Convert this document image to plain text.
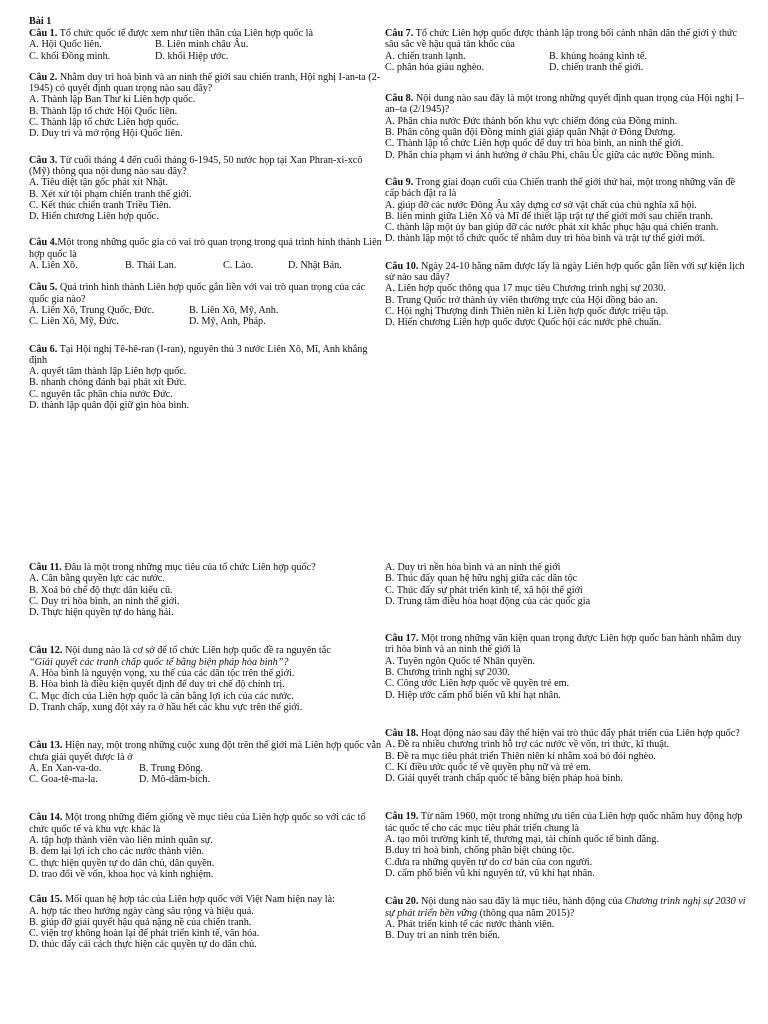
Bài 1
Câu 1. Tổ chức quốc tế được xem như tiền thân của Liên hợp quốc là
A. Hội Quốc liên.	B. Liên minh châu Âu.
C. khối Đồng minh.	D. khối Hiệp ước.
Câu 2. Nhằm duy trì hoà bình và an ninh thế giới sau chiến tranh, Hội nghị I-an-ta (2-1945) có quyết định quan trọng nào sau đây?
A. Thành lập Ban Thư kí Liên hợp quốc.
B. Thành lập tổ chức Hội Quốc liên.
C. Thành lập tổ chức Liên hợp quốc.
D. Duy trì và mở rộng Hội Quốc liên.
Câu 3. Từ cuối tháng 4 đến cuối tháng 6-1945, 50 nước họp tại Xan Phran-xi-xcô (Mỹ) thông qua nội dung nào sau đây?
A. Tiêu diệt tận gốc phát xít Nhật.
B. Xét xử tội phạm chiến tranh thế giới.
C. Kết thúc chiến tranh Triều Tiên.
D. Hiến chương Liên hợp quốc.
Câu 4.Một trong những quốc gia có vai trò quan trọng trong quá trình hình thành Liên hợp quốc là
A. Liên Xô.	B. Thái Lan.	C. Lào.	D. Nhật Bản.
Câu 5. Quá trình hình thành Liên hợp quốc gắn liền với vai trò quan trọng của các quốc gia nào?
A. Liên Xô, Trung Quốc, Đức.	B. Liên Xô, Mỹ, Anh.
C. Liên Xô, Mỹ, Đức.	D. Mỹ, Anh, Pháp.
Câu 6. Tại Hội nghị Tê-hê-ran (I-ran), nguyên thủ 3 nước Liên Xô, Mĩ, Anh khẳng định
A. quyết tâm thành lập Liên hợp quốc.
B. nhanh chóng đánh bại phát xít Đức.
C. nguyên tắc phân chia nước Đức.
D. thành lập quân đội giữ gìn hòa bình.
Câu 7. Tổ chức Liên hợp quốc được thành lập trong bối cảnh nhân dân thế giới ý thức sâu sắc về hậu quả tàn khốc của
A. chiến tranh lạnh.	B. khủng hoảng kinh tế.
C. phân hóa giàu nghèo.	D. chiến tranh thế giới.
Câu 8. Nội dung nào sau đây là một trong những quyết định quan trọng của Hội nghị I–an–ta (2/1945)?
A. Phân chia nước Đức thành bốn khu vực chiếm đóng của Đồng minh.
B. Phân công quân đội Đồng minh giải giáp quân Nhật ở Đông Dương.
C. Thành lập tổ chức Liên hợp quốc để duy trì hòa bình, an ninh thế giới.
D. Phân chia phạm vi ảnh hưởng ở châu Phi, châu Úc giữa các nước Đồng minh.
Câu 9. Trong giai đoạn cuối của Chiến tranh thế giới thứ hai, một trong những vấn đề cấp bách đặt ra là
A. giúp đỡ các nước Đông Âu xây dựng cơ sở vật chất của chủ nghĩa xã hội.
B. liên minh giữa Liên Xô và Mĩ để thiết lập trật tự thế giới mới sau chiến tranh.
C. thành lập một ủy ban giúp đỡ các nước phát xít khắc phục hậu quả chiến tranh.
D. thành lập một tổ chức quốc tế nhằm duy trì hòa bình và trật tự thế giới mới.
Câu 10. Ngày 24-10 hằng năm được lấy là ngày Liên hợp quốc gắn liền với sự kiện lịch sử nào sau đây?
A. Liên hợp quốc thông qua 17 mục tiêu Chương trình nghị sự 2030.
B. Trung Quốc trở thành ủy viên thường trực của Hội đồng bảo an.
C. Hội nghị Thượng đỉnh Thiên niên kỉ Liên hợp quốc được triệu tập.
D. Hiến chương Liên hợp quốc được Quốc hội các nước phê chuẩn.
Câu 11. Đâu là một trong những mục tiêu của tổ chức Liên hợp quốc?
A. Cân bằng quyền lực các nước.
B. Xoá bỏ chế độ thực dân kiểu cũ.
C. Duy trì hòa bình, an ninh thế giới.
D. Thực hiện quyền tự do hàng hải.
Câu 12. Nội dung nào là cơ sở để tổ chức Liên hợp quốc đề ra nguyên tắc
“Giải quyết các tranh chấp quốc tế bằng biện pháp hòa bình”?
A. Hòa bình là nguyện vọng, xu thế của các dân tộc trên thế giới.
B. Hòa bình là điều kiện quyết định để duy trì chế độ chính trị.
C. Mục đích của Liên hợp quốc là cân bằng lợi ích của các nước.
D. Tranh chấp, xung đột xảy ra ở hầu hết các khu vực trên thế giới.
Câu 13. Hiện nay, một trong những cuộc xung đột trên thế giới mà Liên hợp quốc vẫn chưa giải quyết được là ở
A. En Xan-va-do.	B. Trung Đông.
C. Goa-tê-ma-la.	D. Mô-dăm-bích.
Câu 14. Một trong những điểm giống về mục tiêu của Liên hợp quốc so với các tổ chức quốc tế và khu vực khác là
A. tập hợp thành viên vào liên minh quân sự.
B. đem lại lợi ích cho các nước thành viên.
C. thực hiện quyền tự do dân chủ, dân quyền.
D. trao đổi về vốn, khoa học và kinh nghiệm.
Câu 15. Mối quan hệ hợp tác của Liên hợp quốc với Việt Nam hiện nay là:
A. hợp tác theo hướng ngày càng sâu rộng và hiệu quả.
B. giúp đỡ giải quyết hậu quả nặng nề của chiến tranh.
C. viện trợ không hoàn lại để phát triển kinh tế, văn hóa.
D. thúc đẩy cải cách thực hiện các quyền tự do dân chủ.
A. Duy trì nền hòa bình và an ninh thế giới
B. Thúc đẩy quan hệ hữu nghị giữa các dân tộc
C. Thúc đẩy sự phát triển kinh tế, xã hội thế giới
D. Trung tâm điều hòa hoạt động của các quốc gia
Câu 17. Một trong những văn kiện quan trọng được Liên hợp quốc ban hành nhằm duy trì hòa bình và an ninh thế giới là
A. Tuyên ngôn Quốc tế Nhân quyền.
B. Chương trình nghị sự 2030.
C. Công ước Liên hợp quốc về quyền trẻ em.
D. Hiệp ước cấm phổ biến vũ khí hạt nhân.
Câu 18. Hoạt động nào sau đây thể hiện vai trò thúc đẩy phát triển của Liên hợp quốc?
A. Đề ra nhiều chương trình hỗ trợ các nước về vốn, tri thức, kĩ thuật.
B. Đề ra mục tiêu phát triển Thiên niên kỉ nhằm xoá bỏ đói nghèo.
C. Kí điều ước quốc tế về quyền phụ nữ và trẻ em.
D. Giải quyết tranh chấp quốc tế bằng biện pháp hoà bình.
Câu 19. Từ năm 1960, một trong những ưu tiên của Liên hợp quốc nhằm huy động hợp tác quốc tế cho các mục tiêu phát triển chung là
A. tạo môi trường kinh tế, thương mại, tài chính quốc tế bình đẳng.
B.duy trì hoà bình, chống phân biệt chủng tộc.
C.đưa ra những quyền tự do cơ bản của con người.
D. cấm phổ biến vũ khí nguyên tử, vũ khí hạt nhân.
Câu 20. Nội dung nào sau đây là mục tiêu, hành động của Chương trình nghị sự 2030 vì sự phát triển bền vững (thông qua năm 2015)?
A. Phát triển kinh tế các nước thành viên.
B. Duy trì an ninh trên biển.
